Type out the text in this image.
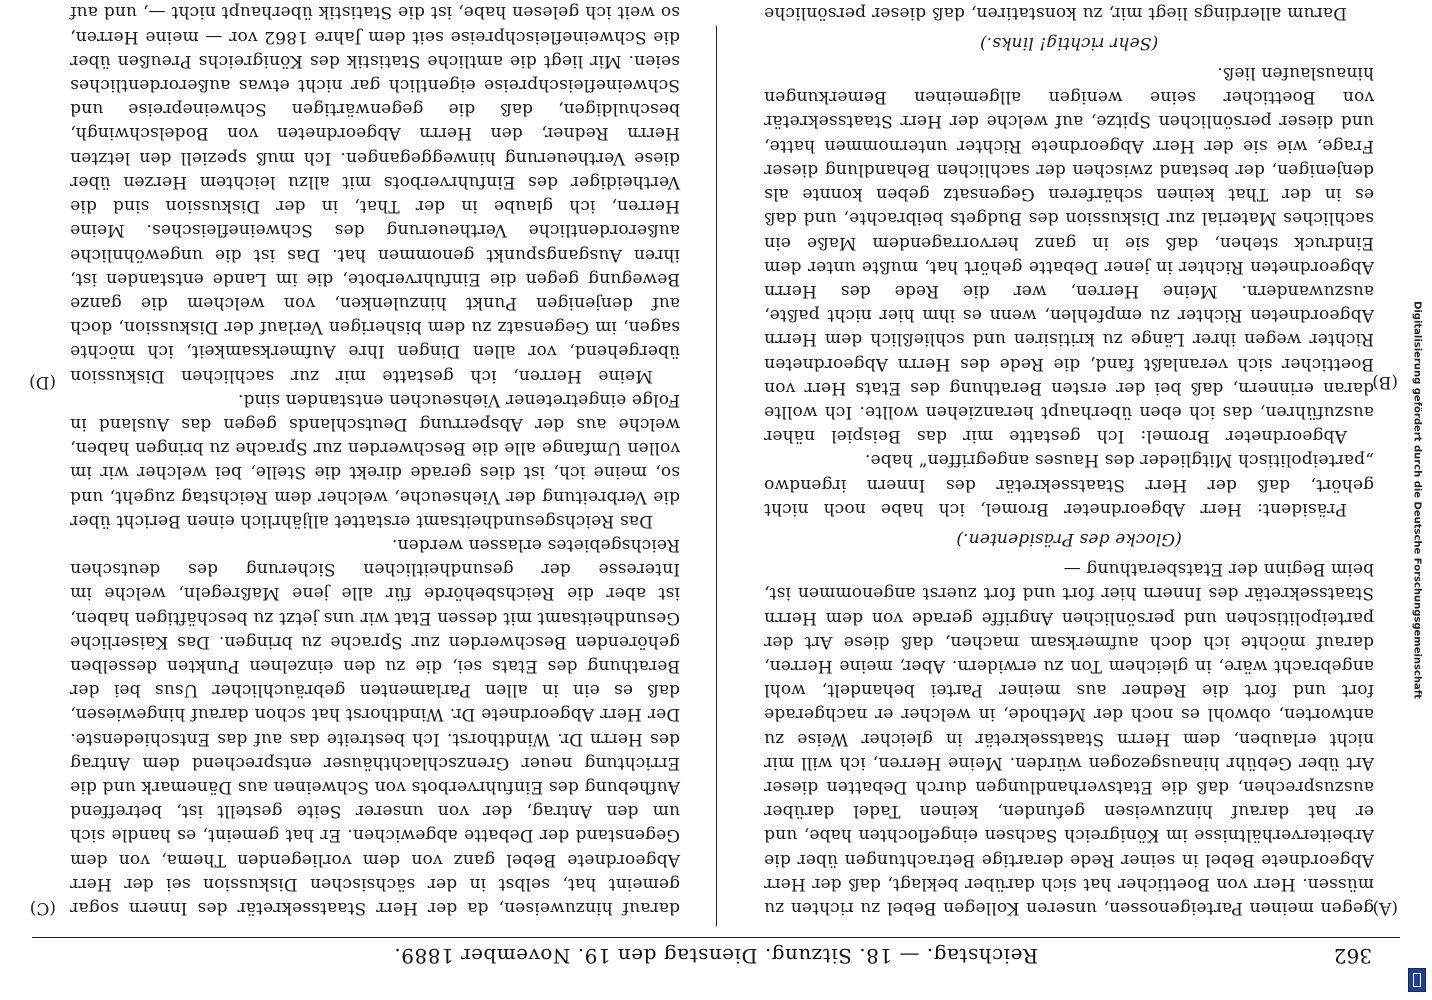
362
Reichstag. — 18. Sitzung. Dienstag den 19. November 1889.
(A)
(B)
(C)
(D)

gegen meinen Parteigenossen, unseren Kollegen Bebel zu richten zu müssen. Herr von Boetticher hat sich darüber beklagt, daß der Herr Abgeordnete Bebel in seiner Rede derartige Betrachtungen über die Arbeiterverhältnisse im Königreich Sachsen eingeflochten habe, und er hat darauf hinzuweisen gefunden, keinen Tadel darüber auszusprechen, daß die Etatsverhandlungen durch Debatten dieser Art über Gebühr hinausgezogen würden. Meine Herren, ich will mir nicht erlauben, dem Herrn Staatssekretär in gleicher Weise zu antworten, obwohl es noch der Methode, in welcher er nachgerade fort und fort die Redner aus meiner Partei behandelt, wohl angebracht wäre, in gleichem Ton zu erwidern. Aber, meine Herren, darauf möchte ich doch aufmerksam machen, daß diese Art der parteipolitischen und persönlichen Angriffe gerade von dem Herrn Staatssekretär des Innern hier fort und fort zuerst angenommen ist, beim Beginn der Etatsberathung —

(Glocke des Präsidenten.)

Präsident: Herr Abgeordneter Bromel, ich habe noch nicht gehört, daß der Herr Staatssekretär des Innern irgendwo „parteipolitisch Mitglieder des Hauses angegriffen“ habe.

Abgeordneter Bromel: Ich gestatte mir das Beispiel näher auszuführen, das ich eben überhaupt heranziehen wollte. Ich wollte daran erinnern, daß bei der ersten Berathung des Etats Herr von Boetticher sich veranlaßt fand, die Rede des Herrn Abgeordneten Richter wegen ihrer Länge zu kritisiren und schließlich dem Herrn Abgeordneten Richter zu empfehlen, wenn es ihm hier nicht paßte, auszuwandern. Meine Herren, wer die Rede des Herrn Abgeordneten Richter in jener Debatte gehört hat, mußte unter dem Eindruck stehen, daß sie in ganz hervorragendem Maße ein sachliches Material zur Diskussion des Budgets beibrachte, und daß es in der That keinen schärferen Gegensatz geben konnte als denjenigen, der bestand zwischen der sachlichen Behandlung dieser Frage, wie sie der Herr Abgeordnete Richter unternommen hatte, und dieser persönlichen Spitze, auf welche der Herr Staatssekretär von Boetticher seine wenigen allgemeinen Bemerkungen hinauslaufen ließ.

(Sehr richtig! links.)

Darum allerdings liegt mir, zu konstatiren, daß dieser persönliche

darauf hinzuweisen, da der Herr Staatssekretär des Innern sogar gemeint hat, selbst in der sächsischen Diskussion sei der Herr Abgeordnete Bebel ganz von dem vorliegenden Thema, von dem Gegenstand der Debatte abgewichen. Er hat gemeint, es handle sich um den Antrag, der von unserer Seite gestellt ist, betreffend Aufhebung des Einfuhrverbots von Schweinen aus Dänemark und die Errichtung neuer Grenzschlachthäuser entsprechend dem Antrag des Herrn Dr. Windthorst. Ich bestreite das auf das Entschiedenste. Der Herr Abgeordnete Dr. Windthorst hat schon darauf hingewiesen, daß es ein in allen Parlamenten gebräuchlicher Usus bei der Berathung des Etats sei, die zu den einzelnen Punkten desselben gehörenden Beschwerden zur Sprache zu bringen. Das Kaiserliche Gesundheitsamt mit dessen Etat wir uns jetzt zu beschäftigen haben, ist aber die Reichsbehörde für alle jene Maßregeln, welche im Interesse der gesundheitlichen Sicherung des deutschen Reichsgebietes erlassen werden.

Das Reichsgesundheitsamt erstattet alljährlich einen Bericht über die Verbreitung der Viehseuche, welcher dem Reichstag zugeht, und so, meine ich, ist dies gerade direkt die Stelle, bei welcher wir im vollen Umfange alle die Beschwerden zur Sprache zu bringen haben, welche aus der Absperrung Deutschlands gegen das Ausland in Folge eingetretener Viehseuchen entstanden sind.

Meine Herren, ich gestatte mir zur sachlichen Diskussion übergehend, vor allen Dingen Ihre Aufmerksamkeit, ich möchte sagen, im Gegensatz zu dem bisherigen Verlauf der Diskussion, doch auf denjenigen Punkt hinzulenken, von welchem die ganze Bewegung gegen die Einfuhrverbote, die im Lande entstanden ist, ihren Ausgangspunkt genommen hat. Das ist die ungewöhnliche außerordentliche Vertheuerung des Schweinefleisches. Meine Herren, ich glaube in der That, in der Diskussion sind die Vertheidiger des Einfuhrverbots mit allzu leichtem Herzen über diese Vertheuerung hinweggegangen. Ich muß speziell den letzten Herrn Redner, den Herrn Abgeordneten von Bodelschwingh, beschuldigen, daß die gegenwärtigen Schweinepreise und Schweinefleischpreise eigentlich gar nicht etwas außerordentliches seien. Mir liegt die amtliche Statistik des Königreichs Preußen über die Schweinefleischpreise seit dem Jahre 1862 vor — meine Herren, so weit ich gelesen habe, ist die Statistik überhaupt nicht —, und auf

Digitalisierung gefördert durch die Deutsche Forschungsgemeinschaft
